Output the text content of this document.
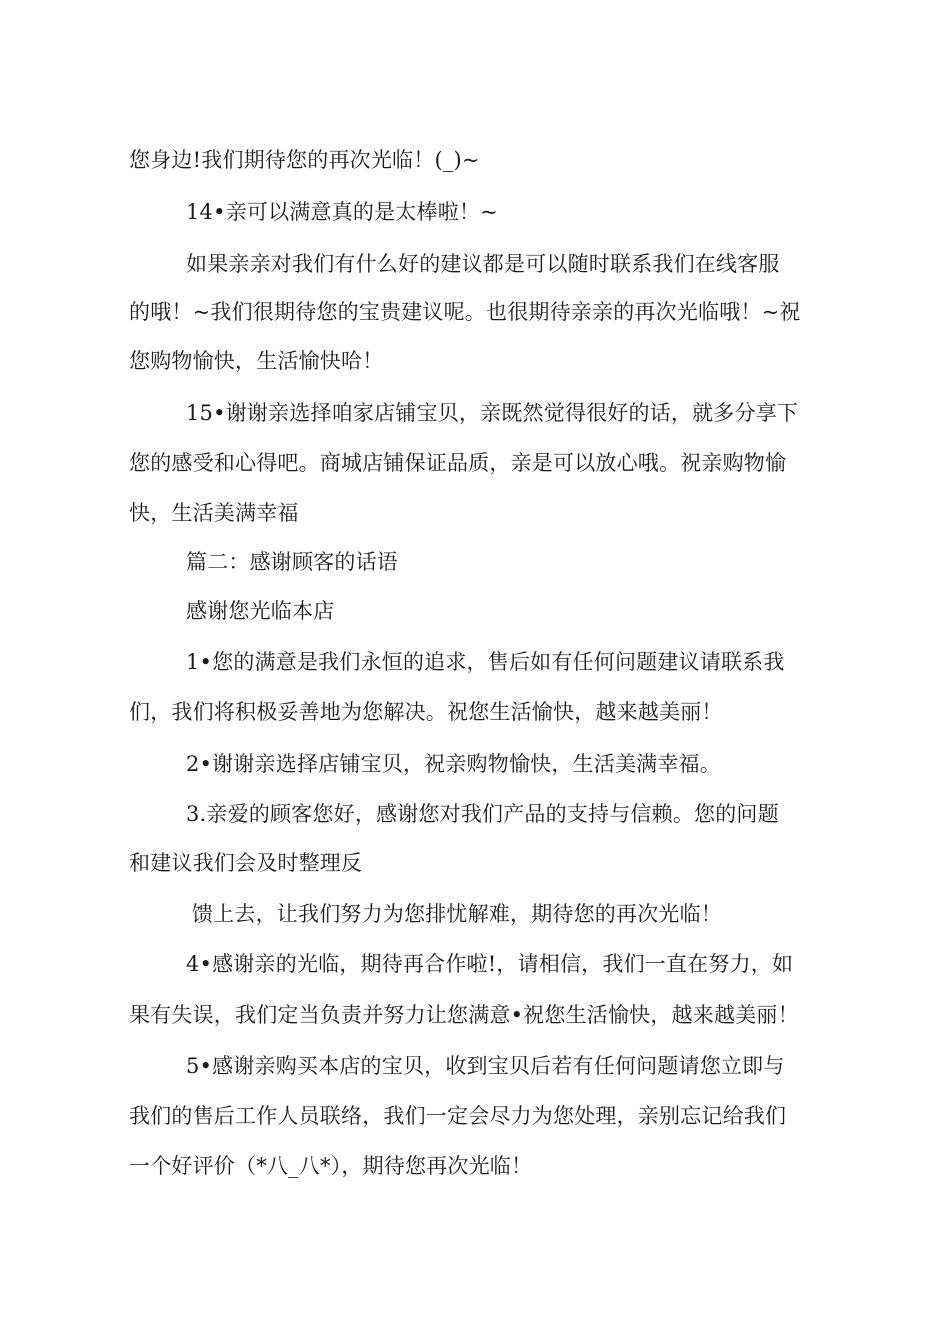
您身边!我们期待您的再次光临！(_)~
14•亲可以满意真的是太棒啦！~
如果亲亲对我们有什么好的建议都是可以随时联系我们在线客服
的哦！~我们很期待您的宝贵建议呢。也很期待亲亲的再次光临哦！~祝
您购物愉快，生活愉快哈！
15•谢谢亲选择咱家店铺宝贝，亲既然觉得很好的话，就多分享下
您的感受和心得吧。商城店铺保证品质，亲是可以放心哦。祝亲购物愉
快，生活美满幸福
篇二：感谢顾客的话语
感谢您光临本店
1•您的满意是我们永恒的追求，售后如有任何问题建议请联系我
们，我们将积极妥善地为您解决。祝您生活愉快，越来越美丽！
2•谢谢亲选择店铺宝贝，祝亲购物愉快，生活美满幸福。
3.亲爱的顾客您好，感谢您对我们产品的支持与信赖。您的问题
和建议我们会及时整理反
馈上去，让我们努力为您排忧解难，期待您的再次光临！
4•感谢亲的光临，期待再合作啦!，请相信，我们一直在努力，如
果有失误，我们定当负责并努力让您满意•祝您生活愉快，越来越美丽！
5•感谢亲购买本店的宝贝，收到宝贝后若有任何问题请您立即与
我们的售后工作人员联络，我们一定会尽力为您处理，亲别忘记给我们
一个好评价（*八_八*），期待您再次光临！
